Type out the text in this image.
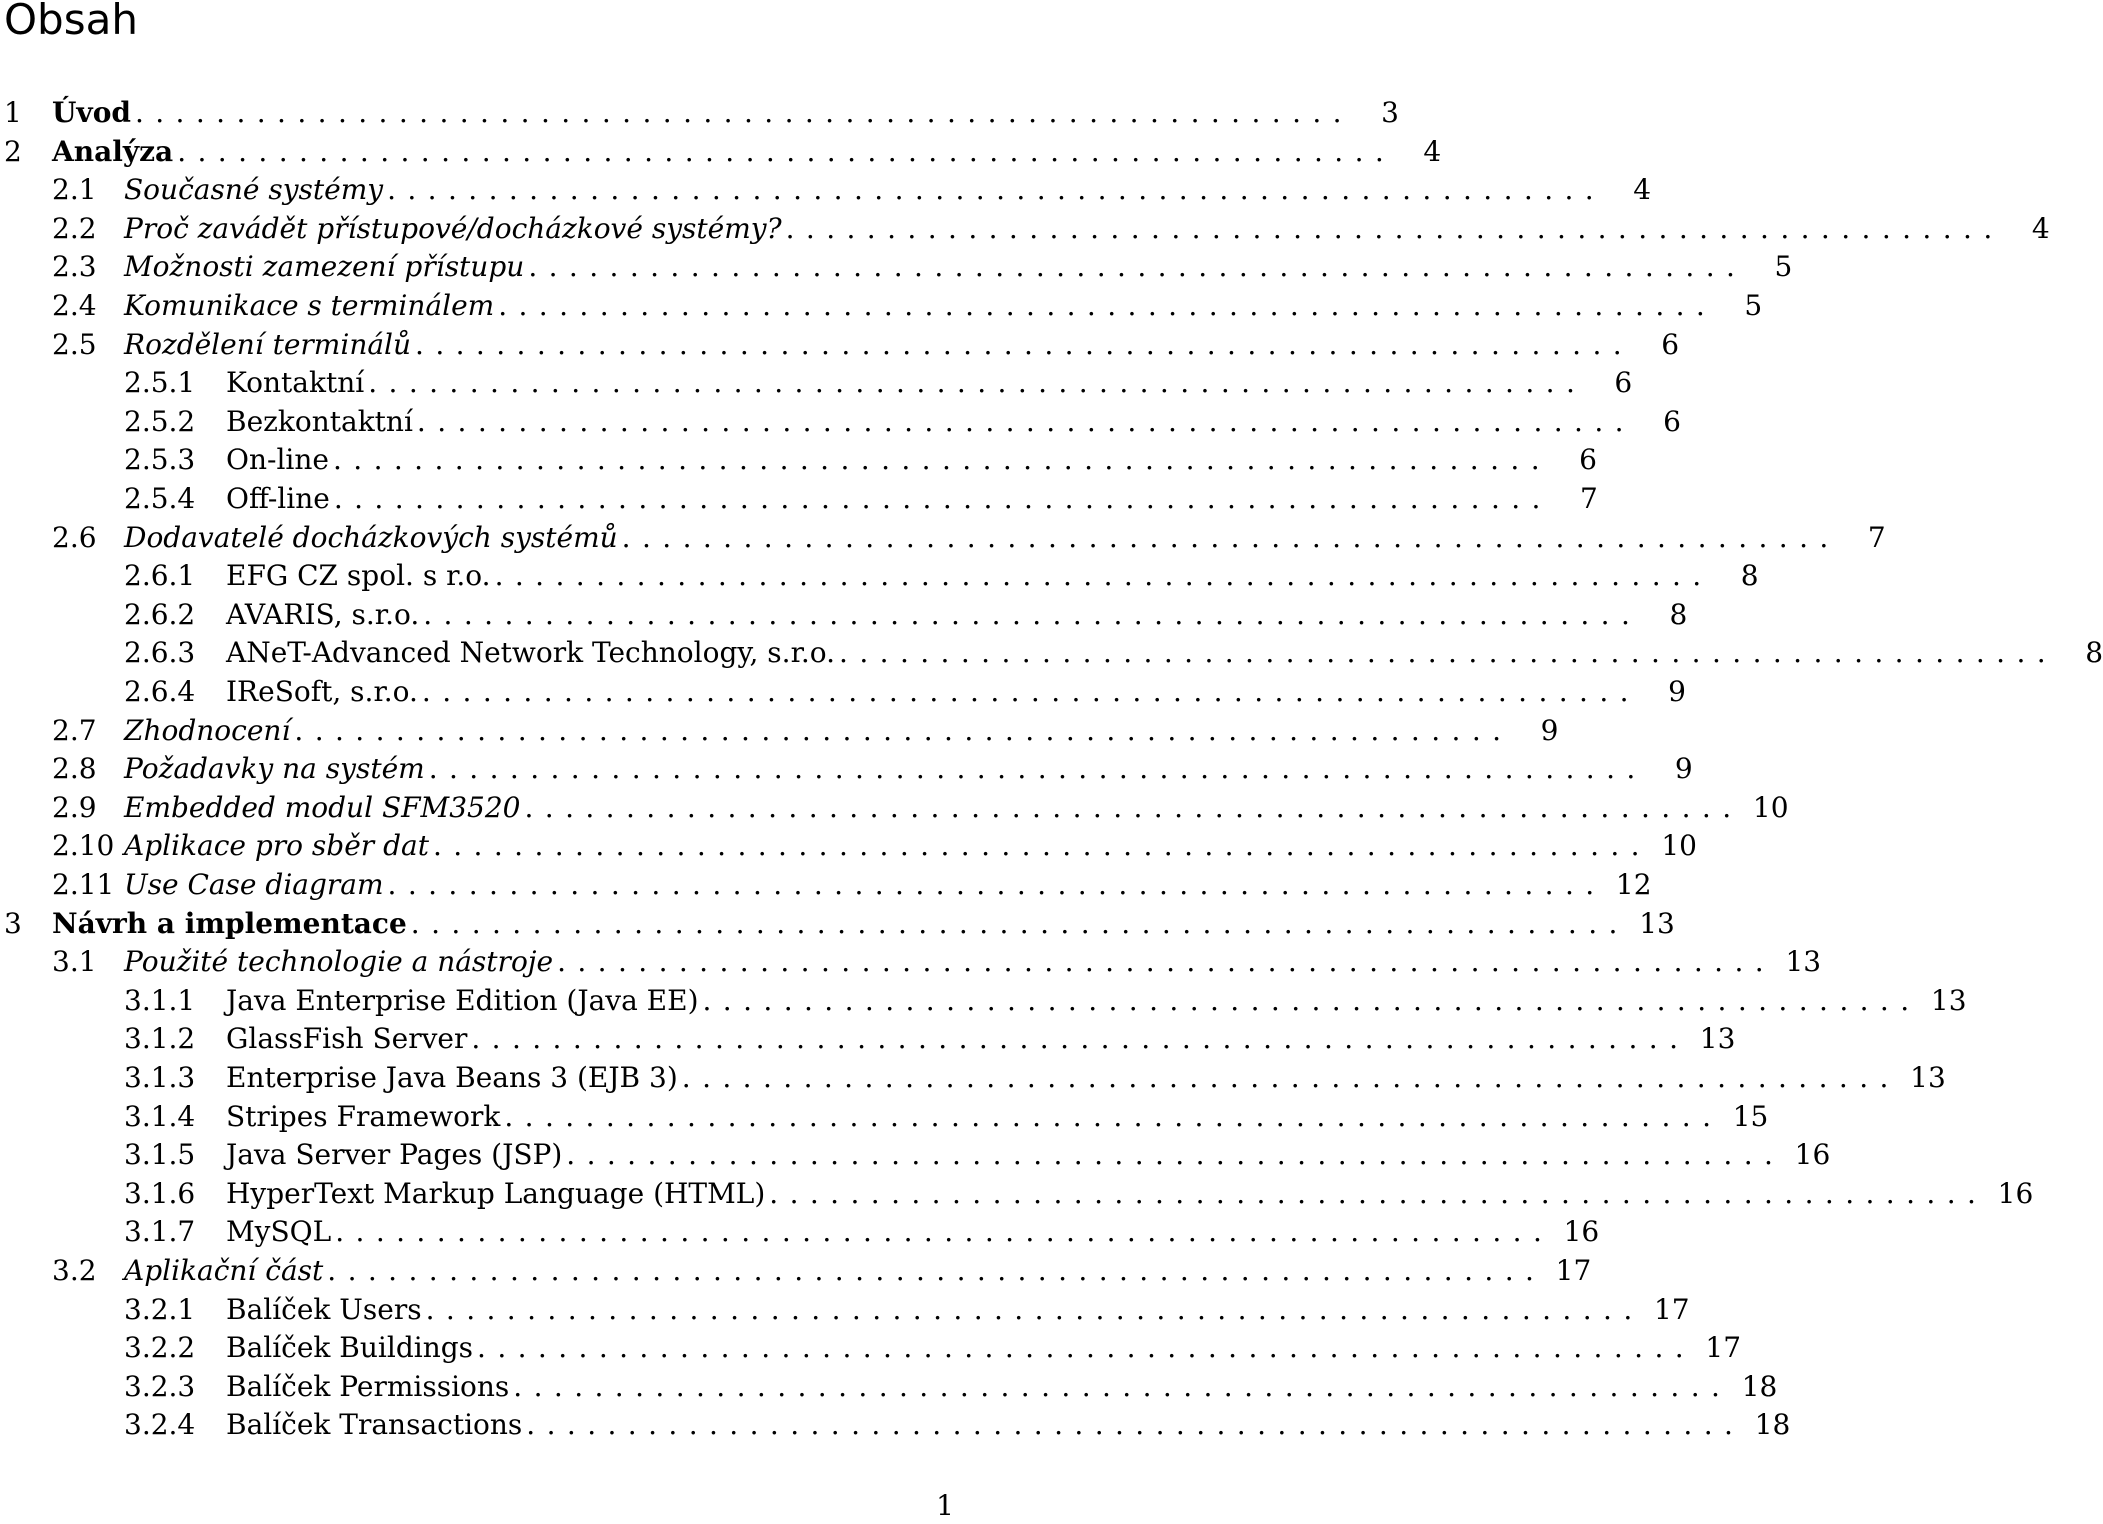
Obsah
1 Úvod ............................................................	3
2 Analýza ............................................................	4
2.1 Současné systémy ............................................................	4
2.2 Proč zavádět přístupové/docházkové systémy? ............................................................	4
2.3 Možnosti zamezení přístupu ............................................................	5
2.4 Komunikace s terminálem ............................................................	5
2.5 Rozdělení terminálů ............................................................	6
2.5.1 Kontaktní ............................................................	6
2.5.2 Bezkontaktní ............................................................	6
2.5.3 On-line ............................................................	6
2.5.4 Off-line ............................................................	7
2.6 Dodavatelé docházkových systémů ............................................................	7
2.6.1 EFG CZ spol. s r.o. ............................................................	8
2.6.2 AVARIS, s.r.o. ............................................................	8
2.6.3 ANeT-Advanced Network Technology, s.r.o. ............................................................	8
2.6.4 IReSoft, s.r.o. ............................................................	9
2.7 Zhodnocení ............................................................	9
2.8 Požadavky na systém ............................................................	9
2.9 Embedded modul SFM3520 ............................................................ 10
2.10 Aplikace pro sběr dat ............................................................ 10
2.11 Use Case diagram ............................................................ 12
3 Návrh a implementace ............................................................ 13
3.1 Použité technologie a nástroje ............................................................ 13
3.1.1 Java Enterprise Edition (Java EE) ............................................................ 13
3.1.2 GlassFish Server ............................................................ 13
3.1.3 Enterprise Java Beans 3 (EJB 3) ............................................................ 13
3.1.4 Stripes Framework ............................................................ 15
3.1.5 Java Server Pages (JSP) ............................................................ 16
3.1.6 HyperText Markup Language (HTML) ............................................................ 16
3.1.7 MySQL ............................................................ 16
3.2 Aplikační část ............................................................ 17
3.2.1 Balíček Users ............................................................ 17
3.2.2 Balíček Buildings ............................................................ 17
3.2.3 Balíček Permissions ............................................................ 18
3.2.4 Balíček Transactions ............................................................ 18
1
